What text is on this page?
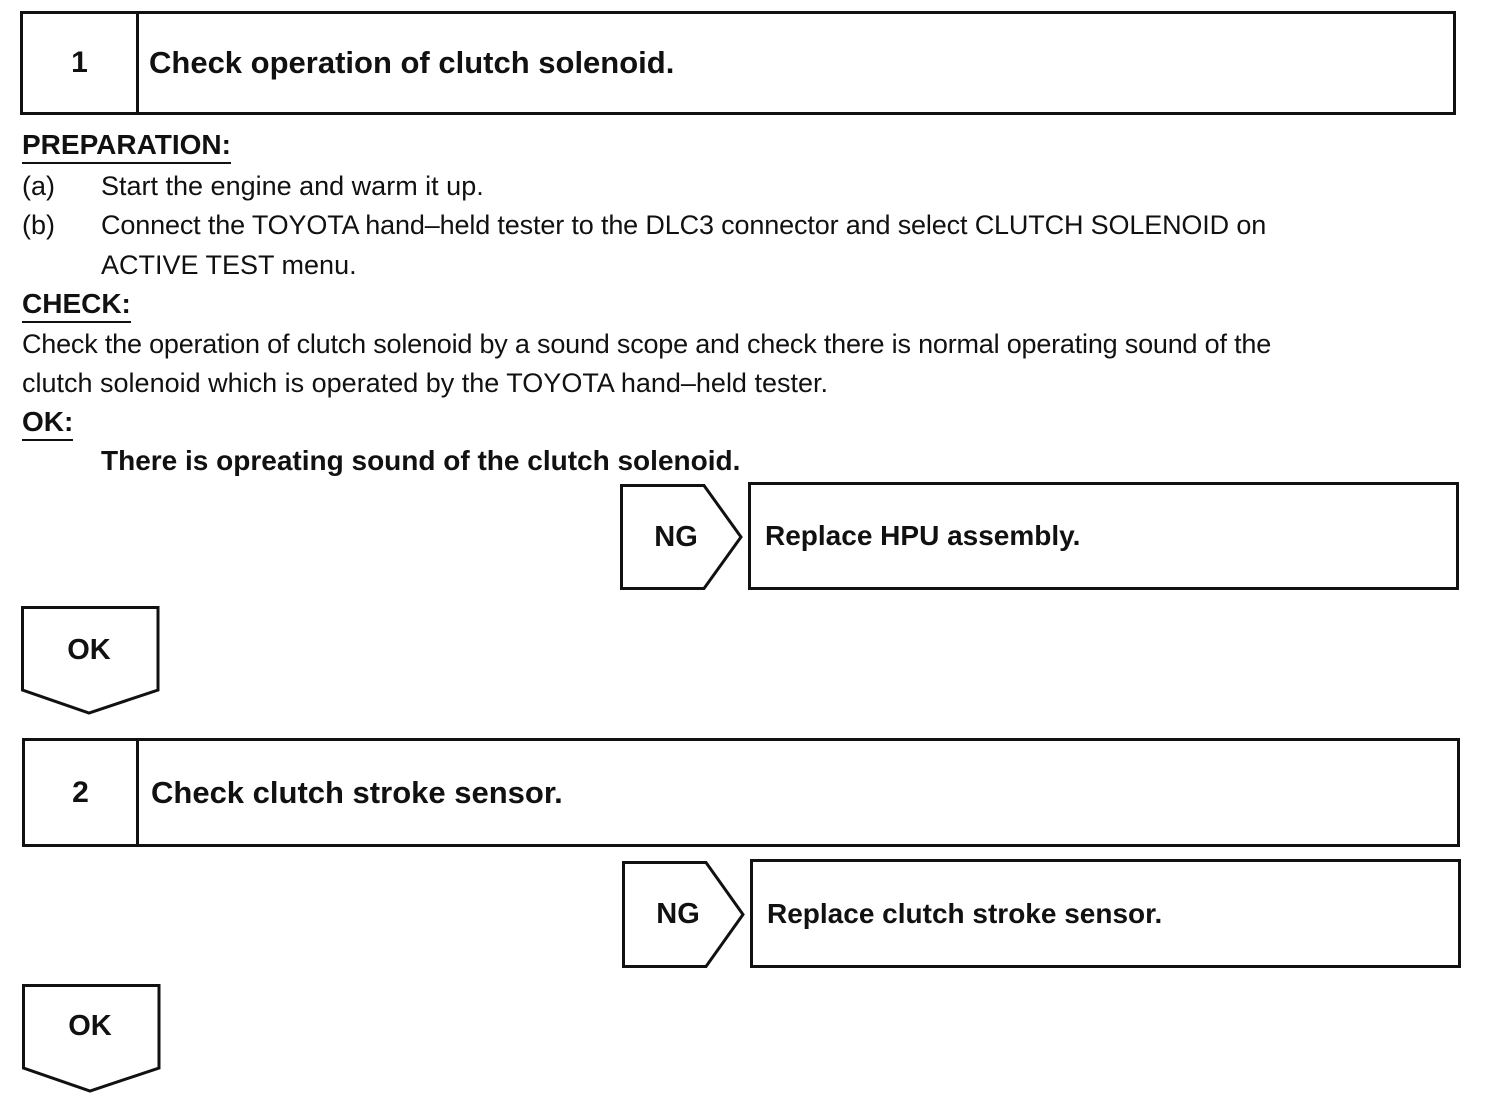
1	Check operation of clutch solenoid.
PREPARATION:
(a) Start the engine and warm it up.
(b) Connect the TOYOTA hand–held tester to the DLC3 connector and select CLUTCH SOLENOID on
ACTIVE TEST menu.
CHECK:
Check the operation of clutch solenoid by a sound scope and check there is normal operating sound of the
clutch solenoid which is operated by the TOYOTA hand–held tester.
OK:
There is opreating sound of the clutch solenoid.
NG	Replace HPU assembly.
OK
2	Check clutch stroke sensor.
NG	Replace clutch stroke sensor.
OK
